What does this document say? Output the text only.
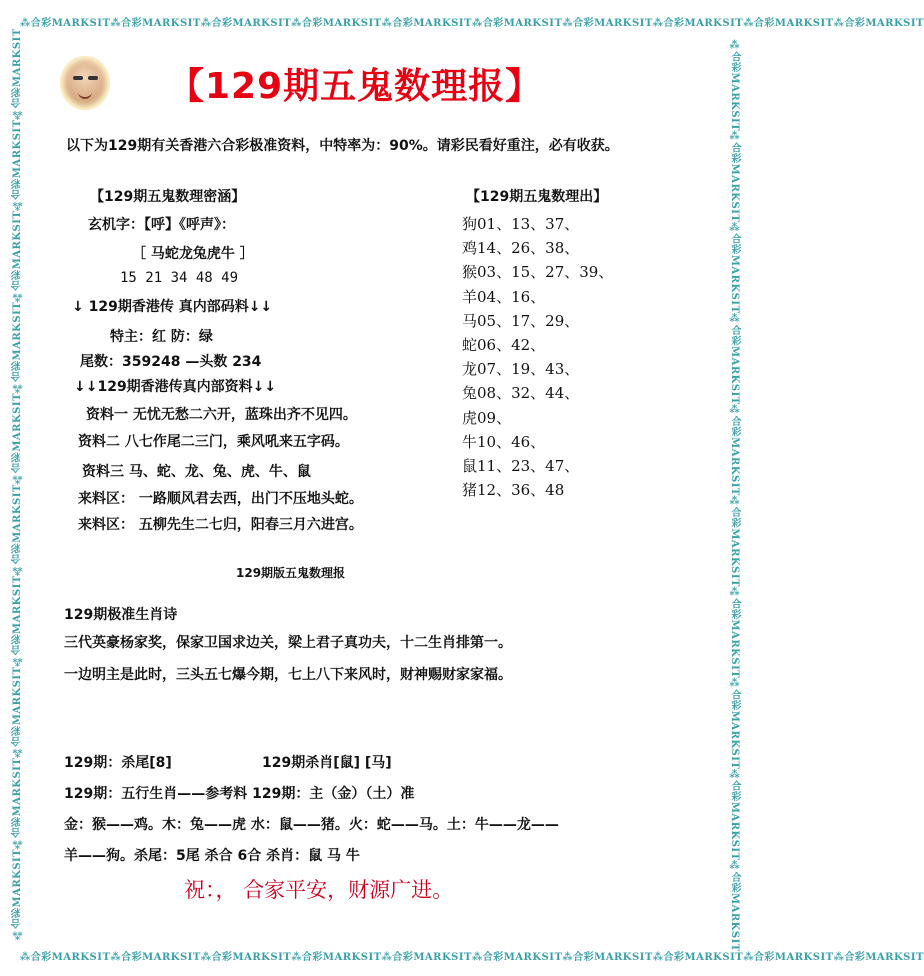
⁂合彩MARKSIT⁂合彩MARKSIT⁂合彩MARKSIT⁂合彩MARKSIT⁂合彩MARKSIT⁂合彩MARKSIT⁂合彩MARKSIT⁂合彩MARKSIT⁂合彩MARKSIT⁂合彩MARKSIT
⁂合彩MARKSIT⁂合彩MARKSIT⁂合彩MARKSIT⁂合彩MARKSIT⁂合彩MARKSIT⁂合彩MARKSIT⁂合彩MARKSIT⁂合彩MARKSIT⁂合彩MARKSIT⁂合彩MARKSIT
⁂合彩MARKSIT⁂合彩MARKSIT⁂合彩MARKSIT⁂合彩MARKSIT⁂合彩MARKSIT⁂合彩MARKSIT⁂合彩MARKSIT⁂合彩MARKSIT⁂合彩MARKSIT⁂合彩MARKSIT	⁂合彩MARKSIT⁂合彩MARKSIT⁂合彩MARKSIT⁂合彩MARKSIT⁂合彩MARKSIT⁂合彩MARKSIT⁂合彩MARKSIT⁂合彩MARKSIT⁂合彩MARKSIT⁂合彩MARKSIT
【129期五鬼数理报】
以下为129期有关香港六合彩极准资料，中特率为：90%。请彩民看好重注，必有收获。
【129期五鬼数理密涵】
玄机字：【呼】《呼声》：
［ 马蛇龙兔虎牛 ］
15 21 34 48 49
↓ 129期香港传 真内部码料↓↓
特主：红 防：绿
尾数：359248 —头数 234
↓↓129期香港传真内部资料↓↓
资料一 无忧无愁二六开，蓝珠出齐不见四。
资料二 八七作尾二三门，乘风吼来五字码。
资料三 马、蛇、龙、兔、虎、牛、鼠
来料区： 一路顺风君去西，出门不压地头蛇。
来料区： 五柳先生二七归，阳春三月六进宫。
【129期五鬼数理出】
狗01、13、37、
鸡14、26、38、
猴03、15、27、39、
羊04、16、
马05、17、29、
蛇06、42、
龙07、19、43、
兔08、32、44、
虎09、
牛10、46、
鼠11、23、47、
猪12、36、48
129期版五鬼数理报
129期极准生肖诗
三代英豪杨家奖，保家卫国求边关，梁上君子真功夫，十二生肖排第一。
一边明主是此时，三头五七爆今期，七上八下来风时，财神赐财家家福。
129期：杀尾[8]	129期杀肖[鼠] [马]
129期：五行生肖——参考料 129期：主（金）（土）准
金：猴——鸡。木：兔——虎 水：鼠——猪。火：蛇——马。土：牛——龙——
羊——狗。杀尾：5尾 杀合 6合 杀肖：鼠 马 牛
祝：， 合家平安，财源广进。
